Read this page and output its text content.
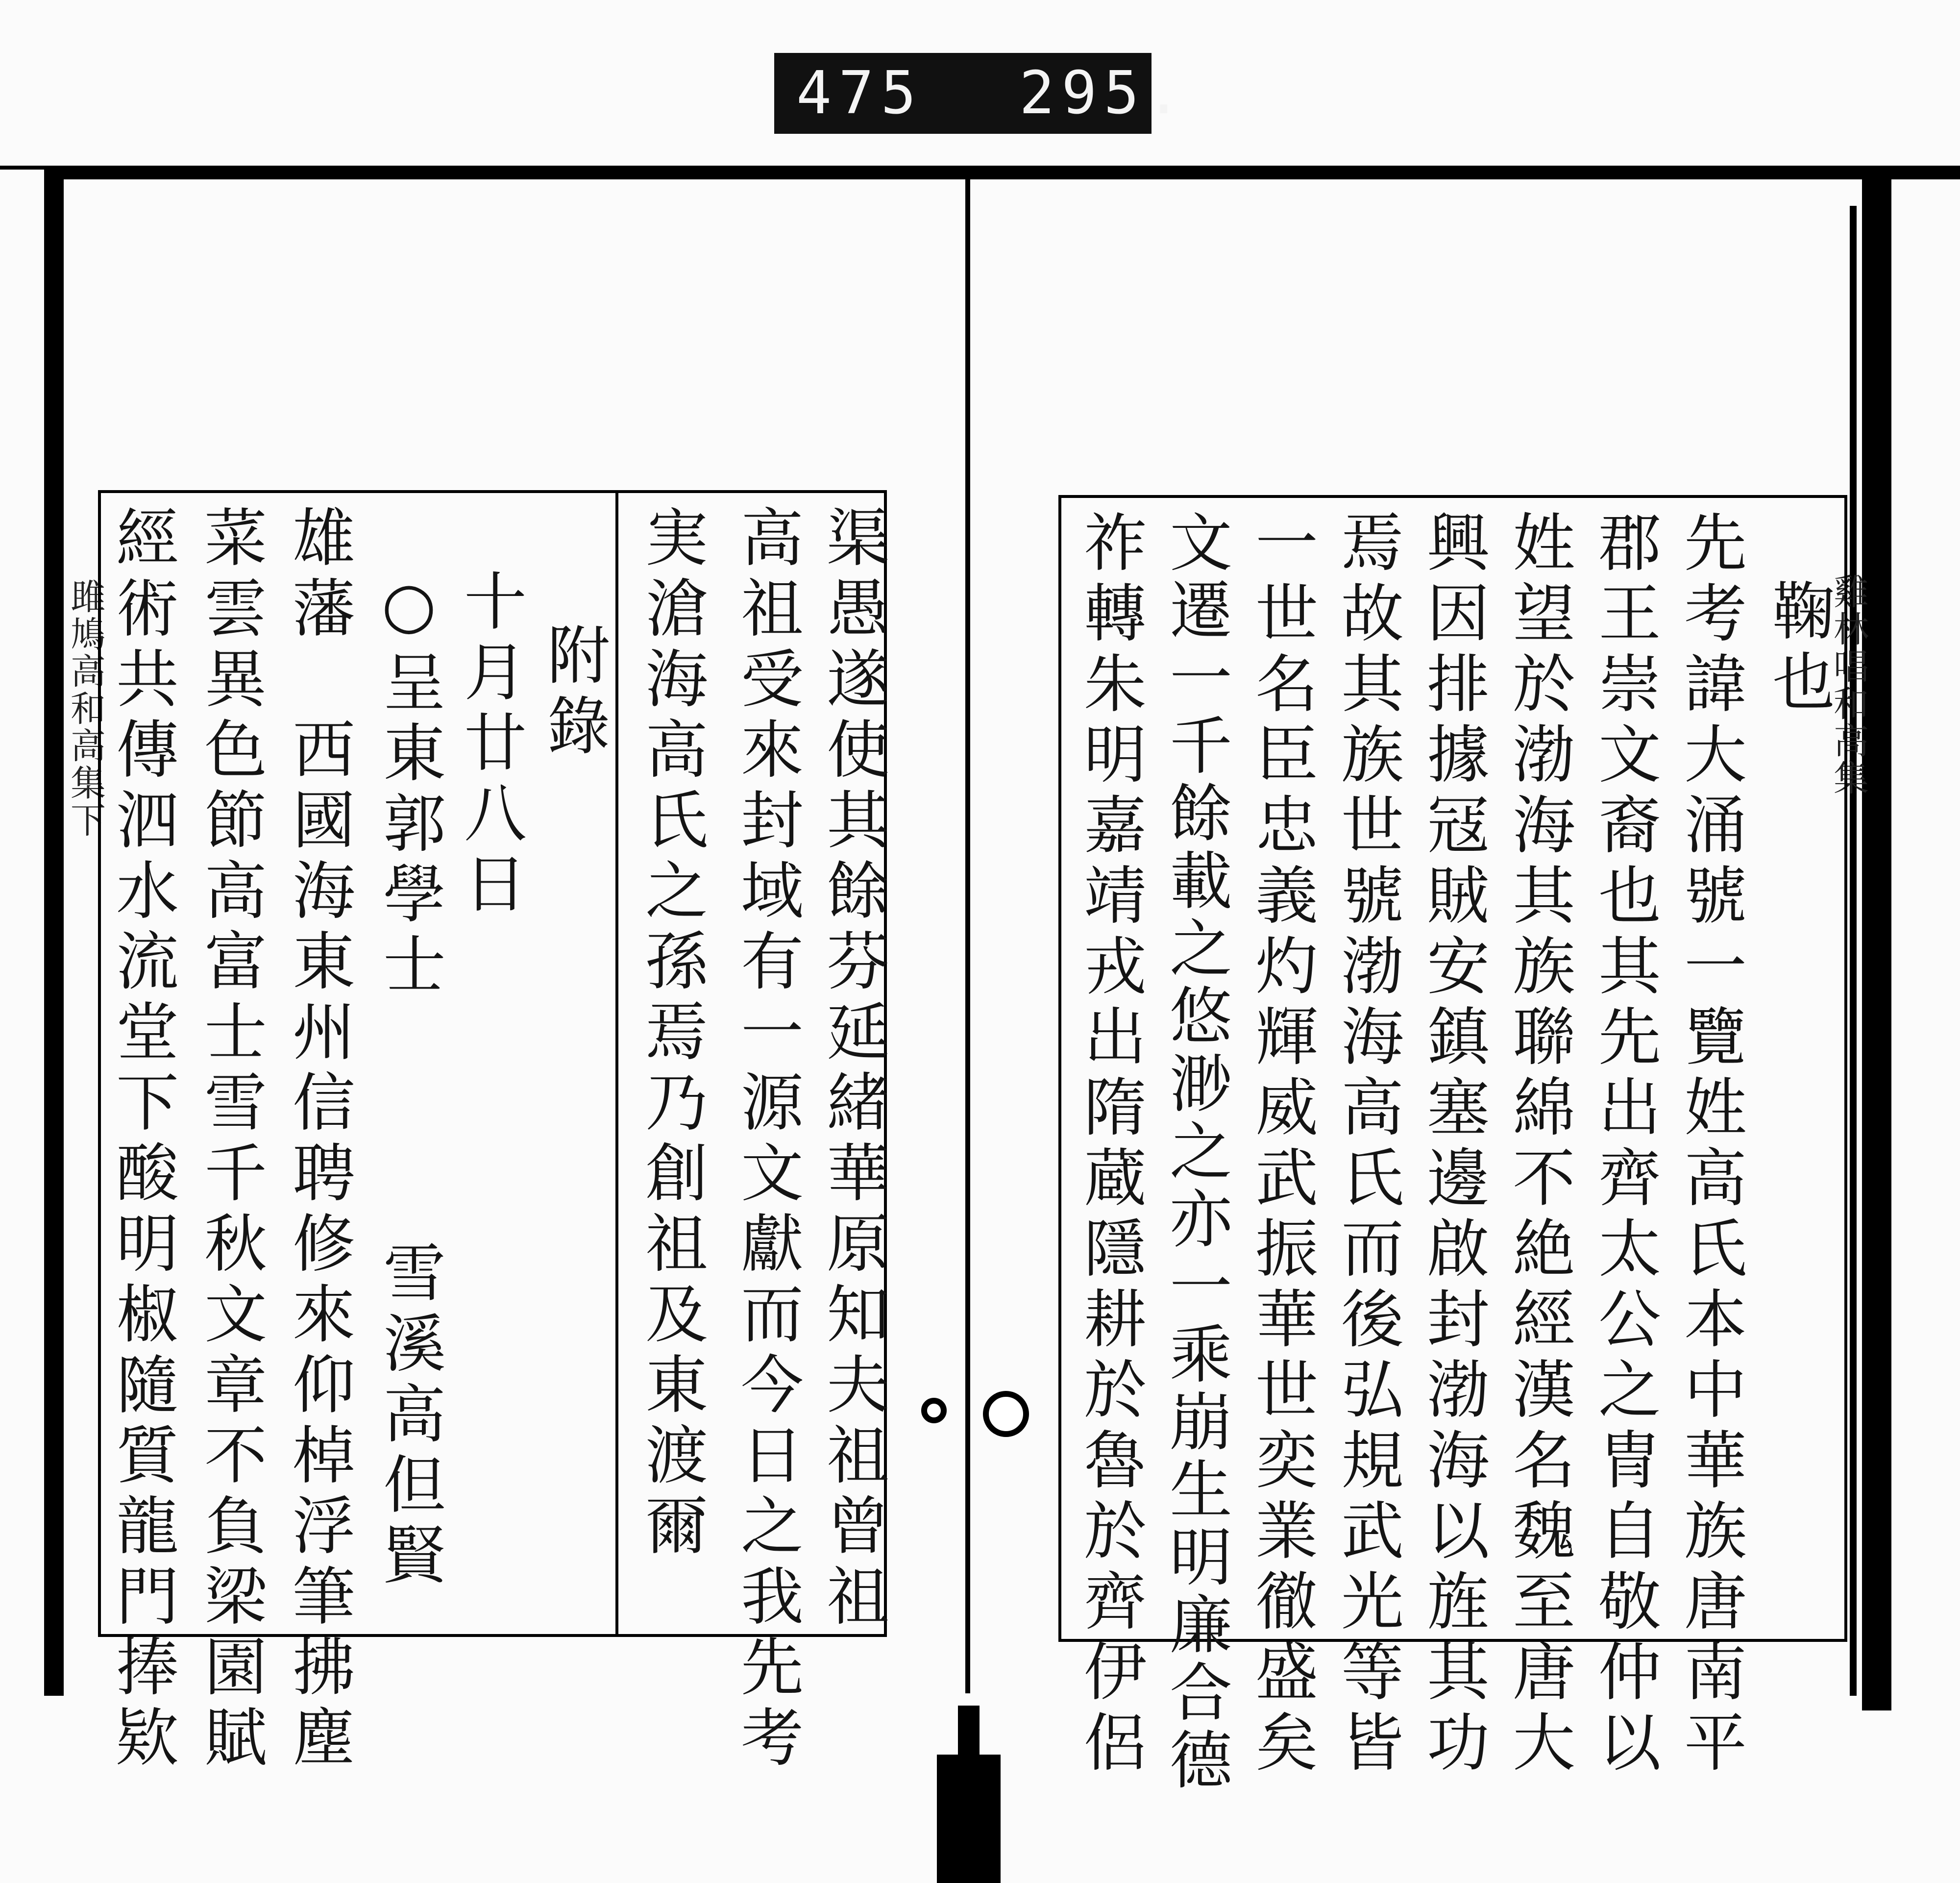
475 295.
雎鳩高和高集下	雞林唱和高集
渠愚遂使其餘芬延緒華原知夫祖曾祖
高祖受來封域有一源文獻而今日之我先考
実滄海高氏之孫焉乃創祖及東渡爾
附錄
十月廿八日
○呈東郭學士
雪溪高但賢
雄藩　西國海東州信聘修來仰棹浮筆拂塵
菜雲異色節高富士雪千秋文章不負梁園賦
經術共傳泗水流堂下酸明椒隨質龍門捧欵	鞠也
先考諱大涌號一覽姓高氏本中華族唐南平
郡王崇文裔也其先出齊太公之冑自敬仲以
姓望於渤海其族聯綿不絶經漢名魏至唐大
興因排據冦賊安鎮塞邊啟封渤海以旌其功
焉故其族世號渤海高氏而後弘規武光等皆
一世名臣忠義灼輝威武振華世奕業徹盛矣
文遷一千餘載之悠渺之亦一乘崩生明廉合德
祚轉朱明嘉靖戎出隋蔵隱耕於魯於齊伊侶
